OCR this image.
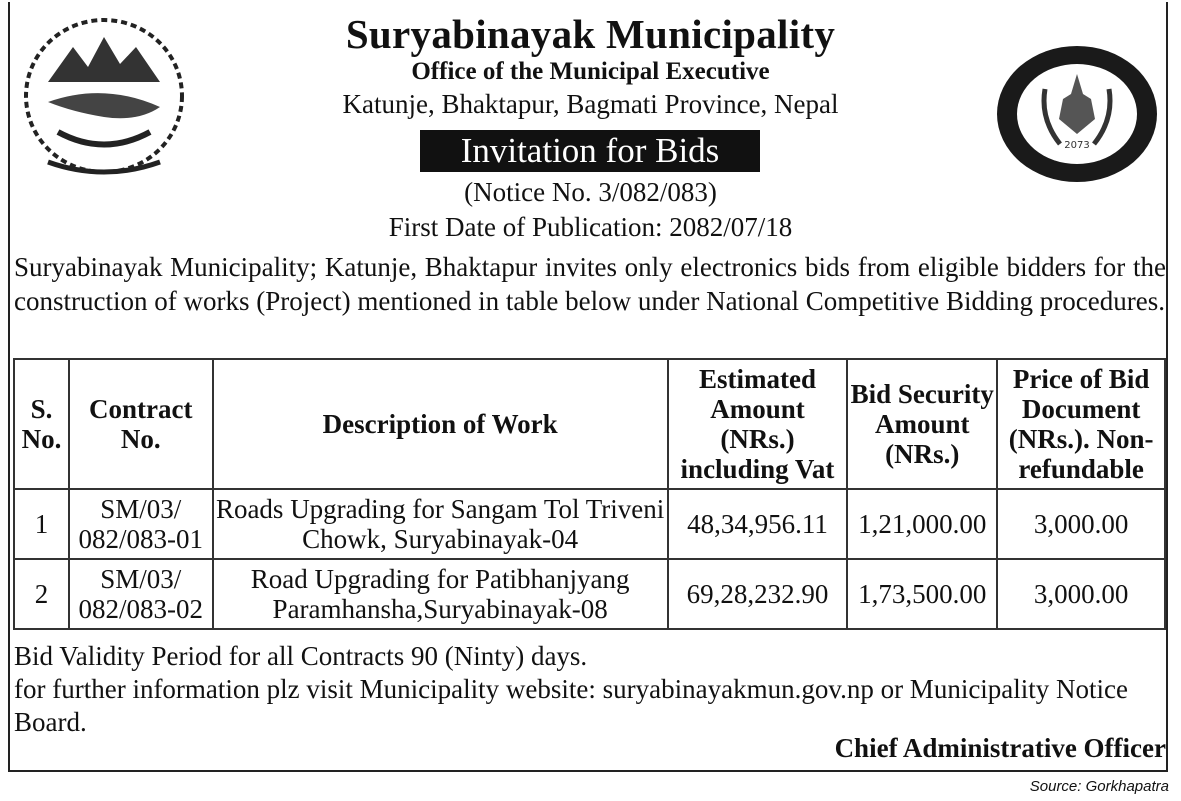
2073
Suryabinayak Municipality
Office of the Municipal Executive
Katunje, Bhaktapur, Bagmati Province, Nepal
Invitation for Bids
(Notice No. 3/082/083)
First Date of Publication: 2082/07/18
Suryabinayak Municipality; Katunje, Bhaktapur invites only electronics bids from eligible bidders for the construction of works (Project) mentioned in table below under National Competitive Bidding procedures.
S. No.	Contract No.	Description of Work	Estimated Amount (NRs.) including Vat	Bid Security Amount (NRs.)	Price of Bid Document (NRs.). Non-refundable
1	SM/03/ 082/083-01	Roads Upgrading for Sangam Tol Triveni Chowk, Suryabinayak-04	48,34,956.11	1,21,000.00	3,000.00
2	SM/03/ 082/083-02	Road Upgrading for Patibhanjyang Paramhansha,Suryabinayak-08	69,28,232.90	1,73,500.00	3,000.00
Bid Validity Period for all Contracts 90 (Ninty) days.
for further information plz visit Municipality website: suryabinayakmun.gov.np or Municipality Notice Board.
Chief Administrative Officer
Source: Gorkhapatra
